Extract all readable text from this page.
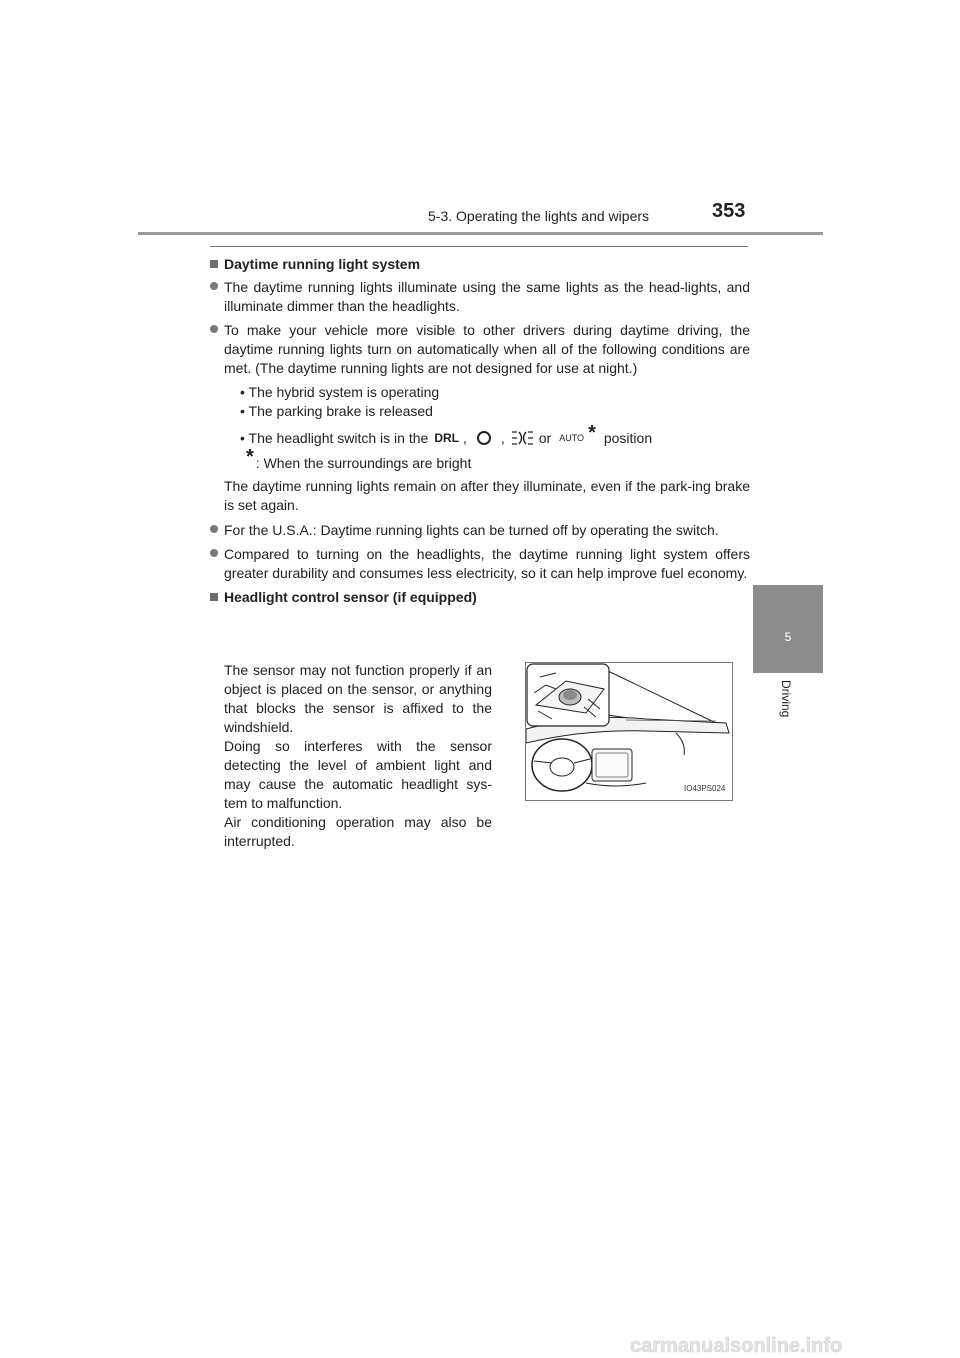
5-3. Operating the lights and wipers	353
5
Driving
Daytime running light system
The daytime running lights illuminate using the same lights as the head-lights, and illuminate dimmer than the headlights.
To make your vehicle more visible to other drivers during daytime driving, the daytime running lights turn on automatically when all of the following conditions are met. (The daytime running lights are not designed for use at night.)
• The hybrid system is operating
• The parking brake is released
• The headlight switch is in the DRL , , or AUTO * position
* : When the surroundings are bright
The daytime running lights remain on after they illuminate, even if the park-ing brake is set again.
For the U.S.A.: Daytime running lights can be turned off by operating the switch.
Compared to turning on the headlights, the daytime running light system offers greater durability and consumes less electricity, so it can help improve fuel economy.
Headlight control sensor (if equipped)

The sensor may not function properly if an object is placed on the sensor, or anything that blocks the sensor is affixed to the windshield.

Doing so interferes with the sensor detecting the level of ambient light and may cause the automatic headlight sys-tem to malfunction.

Air conditioning operation may also be interrupted.

IO43PS024
carmanualsonline.info
